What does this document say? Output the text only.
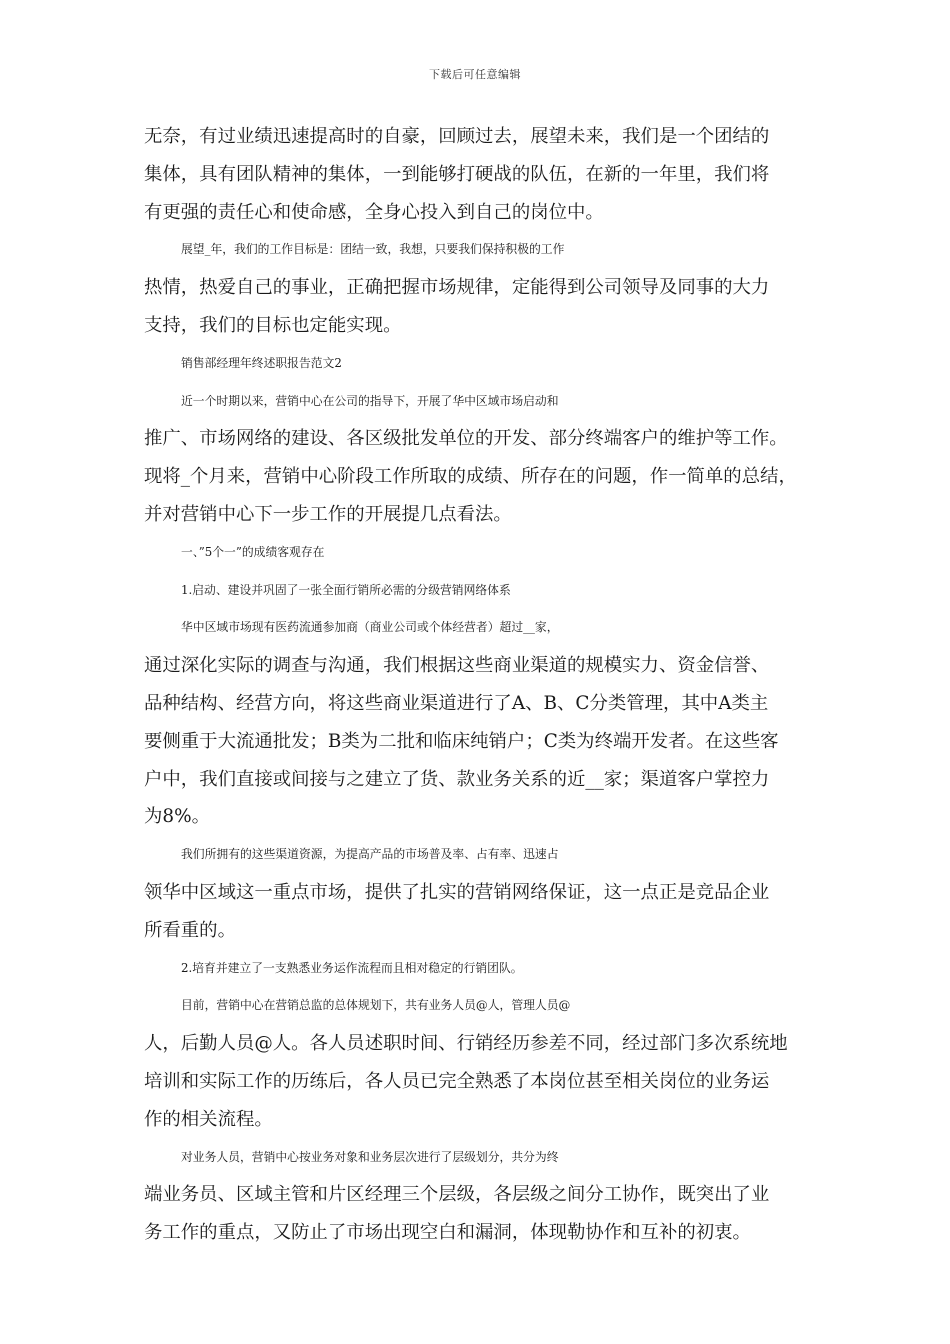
下载后可任意编辑
无奈，有过业绩迅速提高时的自豪，回顾过去，展望未来，我们是一个团结的
集体，具有团队精神的集体，一到能够打硬战的队伍，在新的一年里，我们将
有更强的责任心和使命感，全身心投入到自己的岗位中。
展望_年，我们的工作目标是：团结一致，我想，只要我们保持积极的工作
热情，热爱自己的事业，正确把握市场规律，定能得到公司领导及同事的大力
支持，我们的目标也定能实现。
销售部经理年终述职报告范文2
近一个时期以来，营销中心在公司的指导下，开展了华中区域市场启动和
推广、市场网络的建设、各区级批发单位的开发、部分终端客户的维护等工作。
现将_个月来，营销中心阶段工作所取的成绩、所存在的问题，作一简单的总结，
并对营销中心下一步工作的开展提几点看法。
一、”5个一”的成绩客观存在
1.启动、建设并巩固了一张全面行销所必需的分级营销网络体系
华中区域市场现有医药流通参加商（商业公司或个体经营者）超过__家，
通过深化实际的调查与沟通，我们根据这些商业渠道的规模实力、资金信誉、
品种结构、经营方向，将这些商业渠道进行了A、B、C分类管理，其中A类主
要侧重于大流通批发；B类为二批和临床纯销户；C类为终端开发者。在这些客
户中，我们直接或间接与之建立了货、款业务关系的近__家；渠道客户掌控力
为8%。
我们所拥有的这些渠道资源，为提高产品的市场普及率、占有率、迅速占
领华中区域这一重点市场，提供了扎实的营销网络保证，这一点正是竞品企业
所看重的。
2.培育并建立了一支熟悉业务运作流程而且相对稳定的行销团队。
目前，营销中心在营销总监的总体规划下，共有业务人员@人，管理人员@
人，后勤人员@人。各人员述职时间、行销经历参差不同，经过部门多次系统地
培训和实际工作的历练后，各人员已完全熟悉了本岗位甚至相关岗位的业务运
作的相关流程。
对业务人员，营销中心按业务对象和业务层次进行了层级划分，共分为终
端业务员、区域主管和片区经理三个层级，各层级之间分工协作，既突出了业
务工作的重点，又防止了市场出现空白和漏洞，体现勒协作和互补的初衷。
